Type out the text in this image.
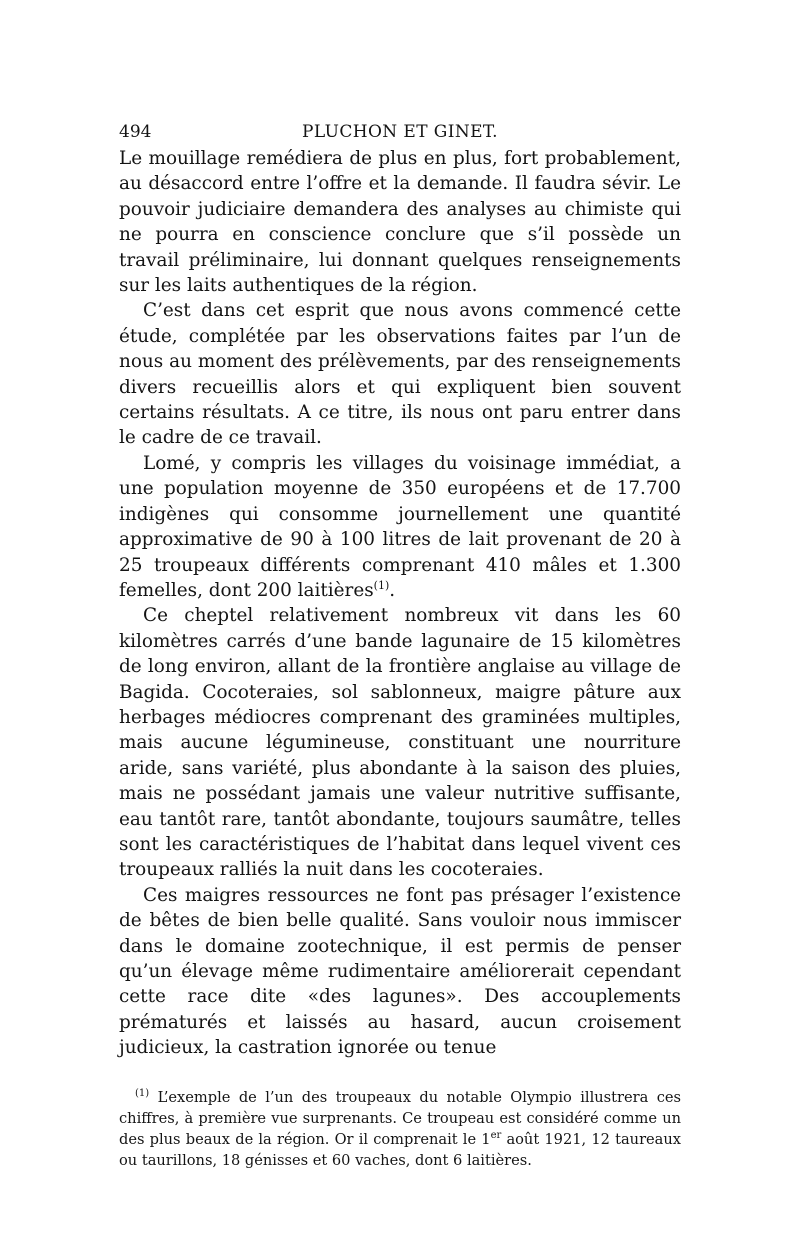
494	PLUCHON ET GINET.

Le mouillage remédiera de plus en plus, fort probablement, au désaccord entre l’offre et la demande. Il faudra sévir. Le pouvoir judiciaire demandera des analyses au chimiste qui ne pourra en conscience conclure que s’il possède un travail préliminaire, lui donnant quelques renseignements sur les laits authentiques de la région.

C’est dans cet esprit que nous avons commencé cette étude, complétée par les observations faites par l’un de nous au moment des prélèvements, par des renseignements divers recueillis alors et qui expliquent bien souvent certains résultats. A ce titre, ils nous ont paru entrer dans le cadre de ce travail.

Lomé, y compris les villages du voisinage immédiat, a une population moyenne de 350 européens et de 17.700 indigènes qui consomme journellement une quantité approximative de 90 à 100 litres de lait provenant de 20 à 25 troupeaux différents comprenant 410 mâles et 1.300 femelles, dont 200 laitières$^{(1)}$.

Ce cheptel relativement nombreux vit dans les 60 kilomètres carrés d’une bande lagunaire de 15 kilomètres de long environ, allant de la frontière anglaise au village de Bagida. Cocoteraies, sol sablonneux, maigre pâture aux herbages médiocres comprenant des graminées multiples, mais aucune légumineuse, constituant une nourriture aride, sans variété, plus abondante à la saison des pluies, mais ne possédant jamais une valeur nutritive suffisante, eau tantôt rare, tantôt abondante, toujours saumâtre, telles sont les caractéristiques de l’habitat dans lequel vivent ces troupeaux ralliés la nuit dans les cocoteraies.

Ces maigres ressources ne font pas présager l’existence de bêtes de bien belle qualité. Sans vouloir nous immiscer dans le domaine zootechnique, il est permis de penser qu’un élevage même rudimentaire améliorerait cependant cette race dite «des lagunes». Des accouplements prématurés et laissés au hasard, aucun croisement judicieux, la castration ignorée ou tenue

$^{(1)}$ L’exemple de l’un des troupeaux du notable Olympio illustrera ces chiffres, à première vue surprenants. Ce troupeau est considéré comme un des plus beaux de la région. Or il comprenait le 1er août 1921, 12 taureaux ou taurillons, 18 génisses et 60 vaches, dont 6 laitières.
